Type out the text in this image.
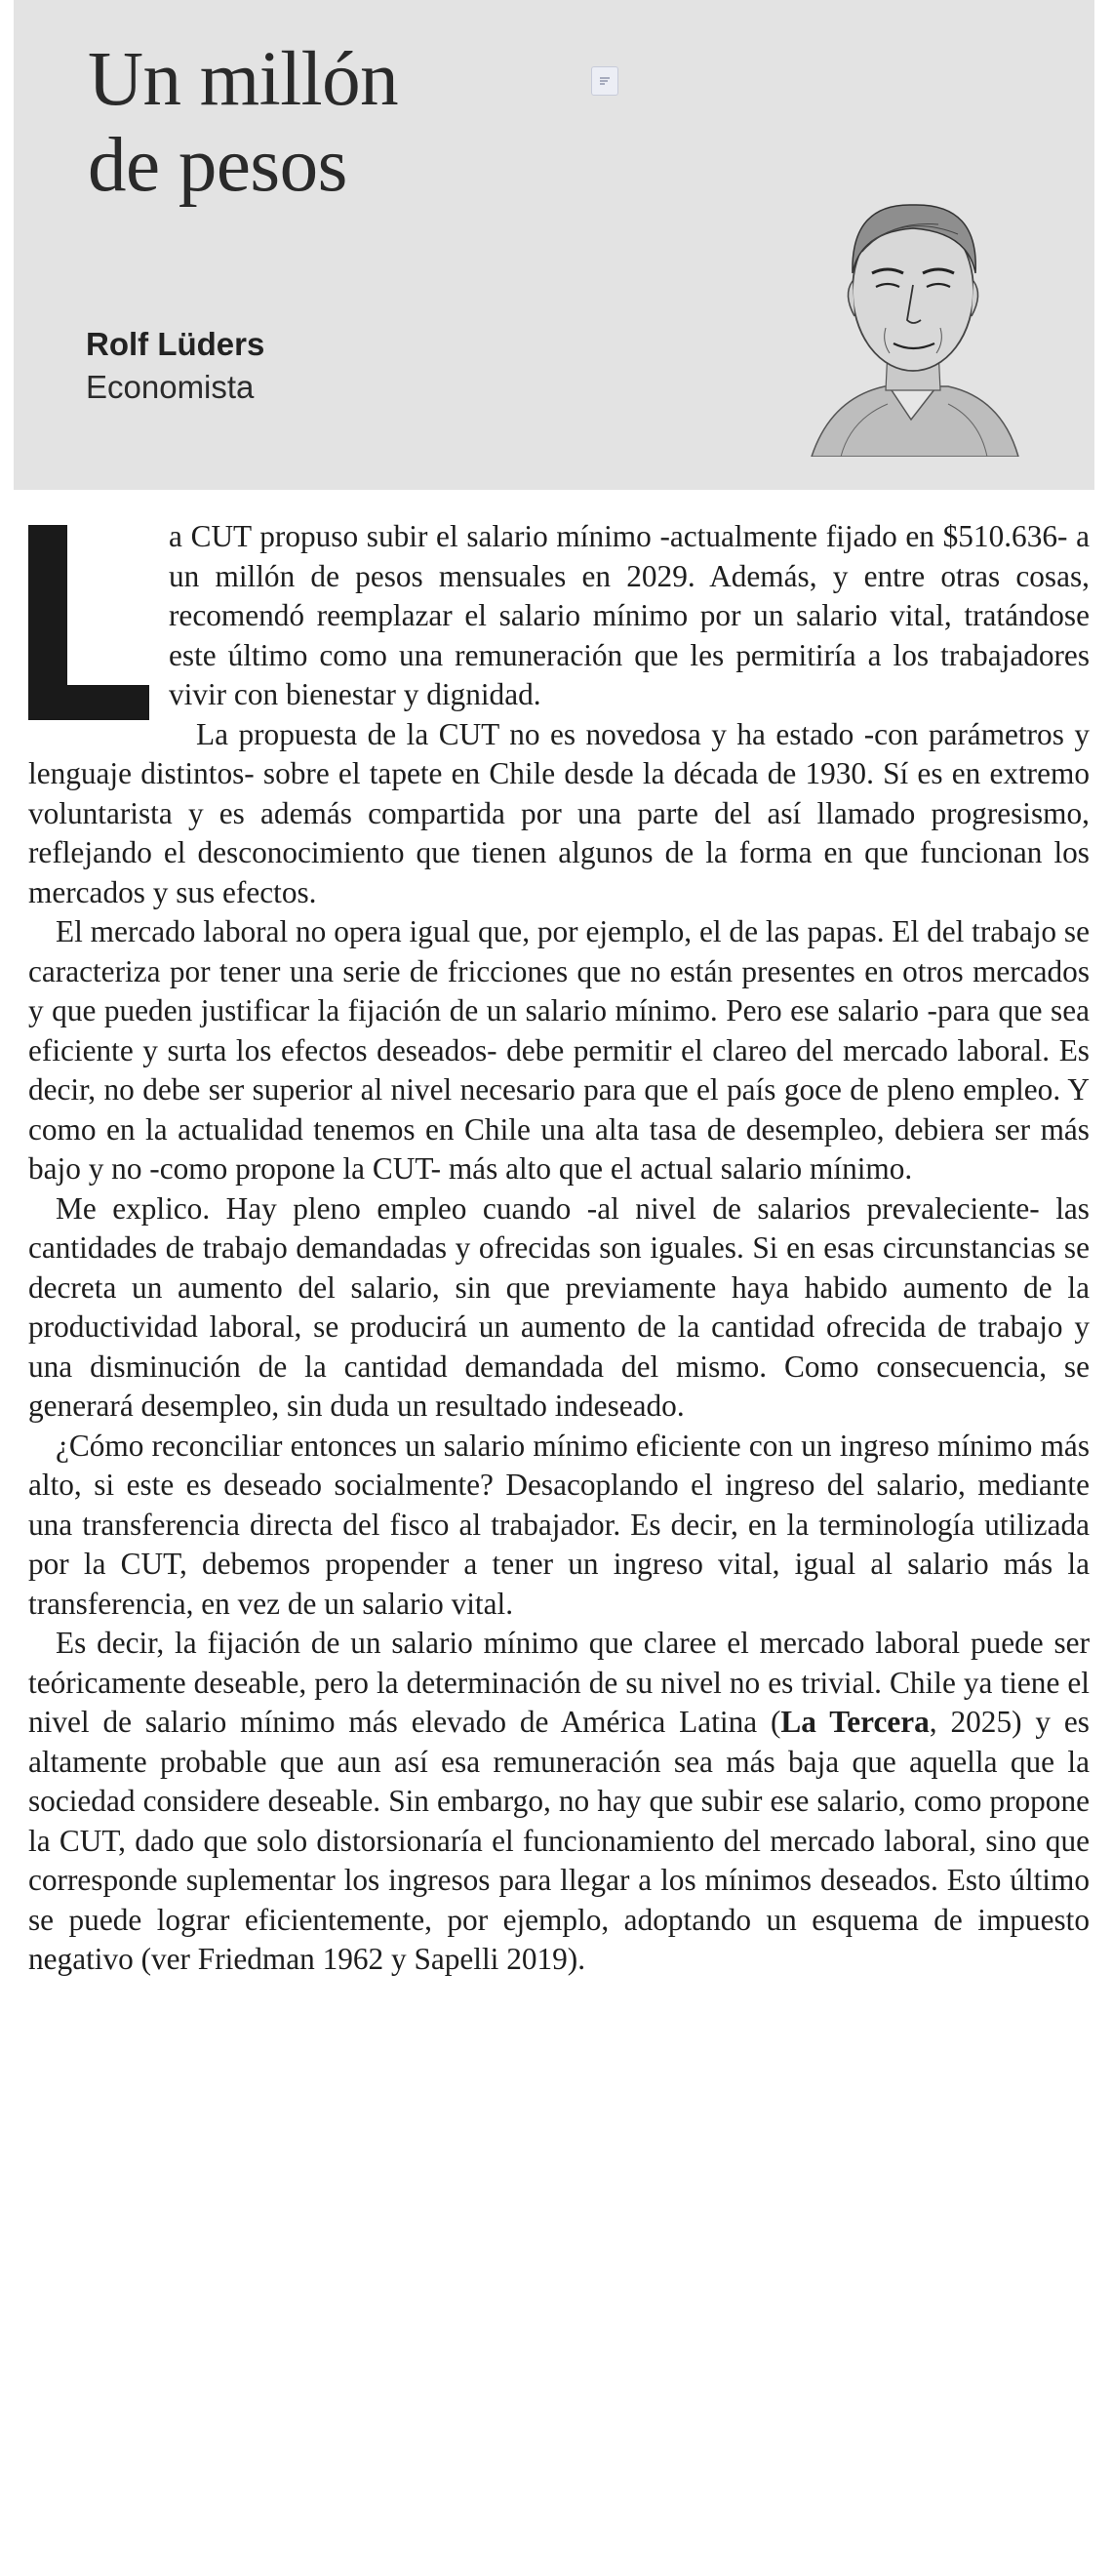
Un millón
de pesos
Rolf Lüders
Economista

a CUT propuso subir el salario mínimo -actualmente fijado en $510.636- a un millón de pesos mensuales en 2029. Además, y entre otras cosas, recomendó reemplazar el salario mínimo por un salario vital, tratándose este último como una remuneración que les permitiría a los trabajadores vivir con bienestar y dignidad.

La propuesta de la CUT no es novedosa y ha estado -con parámetros y lenguaje distintos- sobre el tapete en Chile desde la década de 1930. Sí es en extremo voluntarista y es además compartida por una parte del así llamado progresismo, reflejando el desconocimiento que tienen algunos de la forma en que funcionan los mercados y sus efectos.

El mercado laboral no opera igual que, por ejemplo, el de las papas. El del trabajo se caracteriza por tener una serie de fricciones que no están presentes en otros mercados y que pueden justificar la fijación de un salario mínimo. Pero ese salario -para que sea eficiente y surta los efectos deseados- debe permitir el clareo del mercado laboral. Es decir, no debe ser superior al nivel necesario para que el país goce de pleno empleo. Y como en la actualidad tenemos en Chile una alta tasa de desempleo, debiera ser más bajo y no -como propone la CUT- más alto que el actual salario mínimo.

Me explico. Hay pleno empleo cuando -al nivel de salarios prevaleciente- las cantidades de trabajo demandadas y ofrecidas son iguales. Si en esas circunstancias se decreta un aumento del salario, sin que previamente haya habido aumento de la productividad laboral, se producirá un aumento de la cantidad ofrecida de trabajo y una disminución de la cantidad demandada del mismo. Como consecuencia, se generará desempleo, sin duda un resultado indeseado.

¿Cómo reconciliar entonces un salario mínimo eficiente con un ingreso mínimo más alto, si este es deseado socialmente? Desacoplando el ingreso del salario, mediante una transferencia directa del fisco al trabajador. Es decir, en la terminología utilizada por la CUT, debemos propender a tener un ingreso vital, igual al salario más la transferencia, en vez de un salario vital.

Es decir, la fijación de un salario mínimo que claree el mercado laboral puede ser teóricamente deseable, pero la determinación de su nivel no es trivial. Chile ya tiene el nivel de salario mínimo más elevado de América Latina (La Tercera, 2025) y es altamente probable que aun así esa remuneración sea más baja que aquella que la sociedad considere deseable. Sin embargo, no hay que subir ese salario, como propone la CUT, dado que solo distorsionaría el funcionamiento del mercado laboral, sino que corresponde suplementar los ingresos para llegar a los mínimos deseados. Esto último se puede lograr eficientemente, por ejemplo, adoptando un esquema de impuesto negativo (ver Friedman 1962 y Sapelli 2019).
